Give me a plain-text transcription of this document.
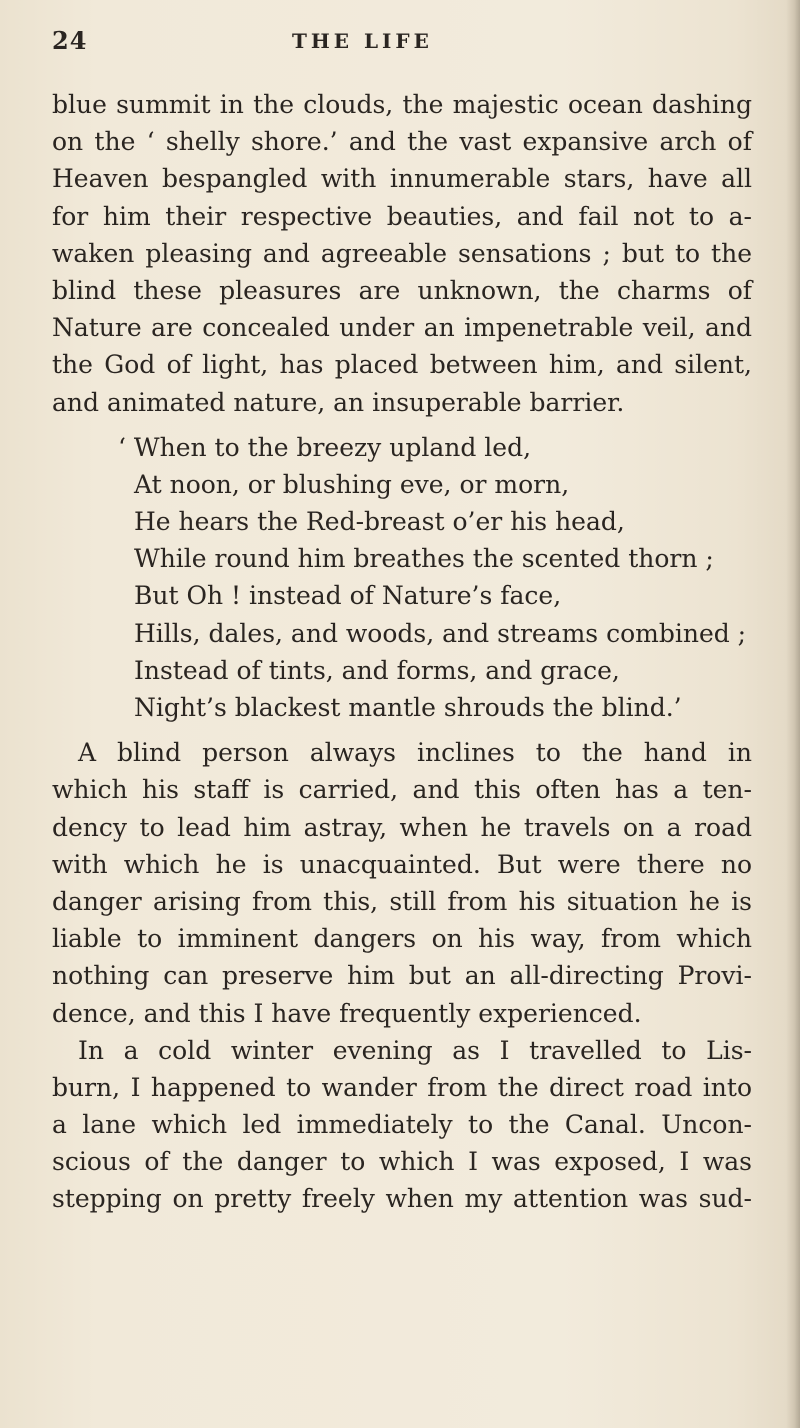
24	THE LIFE
blue summit in the clouds, the majestic ocean dashing
on the ‘ shelly shore.’ and the vast expansive arch of
Heaven bespangled with innumerable stars, have all
for him their respective beauties, and fail not to a-
waken pleasing and agreeable sensations ; but to the
blind these pleasures are unknown, the charms of
Nature are concealed under an impenetrable veil, and
the God of light, has placed between him, and silent,
and animated nature, an insuperable barrier.
‘ When to the breezy upland led,
At noon, or blushing eve, or morn,
He hears the Red-breast o’er his head,
While round him breathes the scented thorn ;
But Oh ! instead of Nature’s face,
Hills, dales, and woods, and streams combined ;
Instead of tints, and forms, and grace,
Night’s blackest mantle shrouds the blind.’
A blind person always inclines to the hand in
which his staff is carried, and this often has a ten-
dency to lead him astray, when he travels on a road
with which he is unacquainted. But were there no
danger arising from this, still from his situation he is
liable to imminent dangers on his way, from which
nothing can preserve him but an all-directing Provi-
dence, and this I have frequently experienced.
In a cold winter evening as I travelled to Lis-
burn, I happened to wander from the direct road into
a lane which led immediately to the Canal. Uncon-
scious of the danger to which I was exposed, I was
stepping on pretty freely when my attention was sud-
